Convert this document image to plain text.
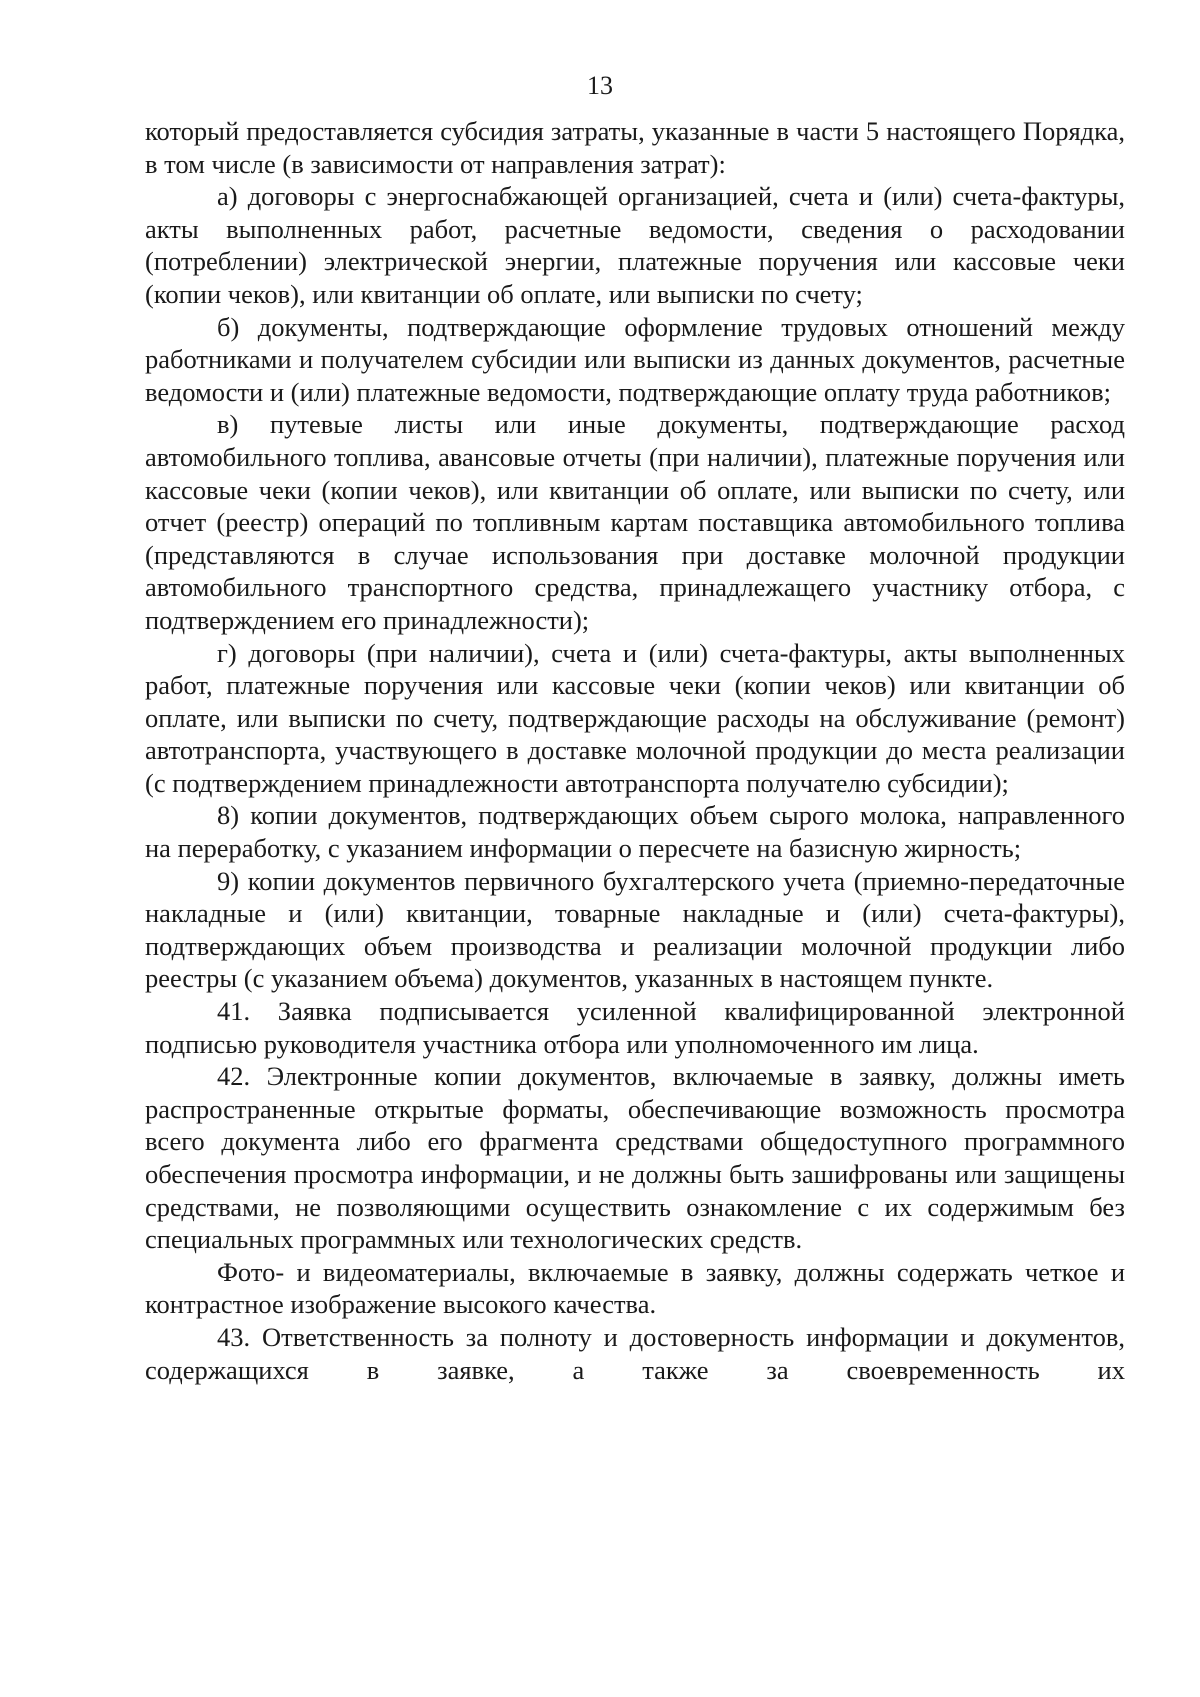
13

который предоставляется субсидия затраты, указанные в части 5 настоящего Порядка, в том числе (в зависимости от направления затрат):

а) договоры с энергоснабжающей организацией, счета и (или) счета-фактуры, акты выполненных работ, расчетные ведомости, сведения о расходовании (потреблении) электрической энергии, платежные поручения или кассовые чеки (копии чеков), или квитанции об оплате, или выписки по счету;

б) документы, подтверждающие оформление трудовых отношений между работниками и получателем субсидии или выписки из данных документов, расчетные ведомости и (или) платежные ведомости, подтверждающие оплату труда работников;

в) путевые листы или иные документы, подтверждающие расход автомобильного топлива, авансовые отчеты (при наличии), платежные поручения или кассовые чеки (копии чеков), или квитанции об оплате, или выписки по счету, или отчет (реестр) операций по топливным картам поставщика автомобильного топлива (представляются в случае использования при доставке молочной продукции автомобильного транспортного средства, принадлежащего участнику отбора, с подтверждением его принадлежности);

г) договоры (при наличии), счета и (или) счета-фактуры, акты выполненных работ, платежные поручения или кассовые чеки (копии чеков) или квитанции об оплате, или выписки по счету, подтверждающие расходы на обслуживание (ремонт) автотранспорта, участвующего в доставке молочной продукции до места реализации (с подтверждением принадлежности автотранспорта получателю субсидии);

8) копии документов, подтверждающих объем сырого молока, направленного на переработку, с указанием информации о пересчете на базисную жирность;

9) копии документов первичного бухгалтерского учета (приемно-передаточные накладные и (или) квитанции, товарные накладные и (или) счета-фактуры), подтверждающих объем производства и реализации молочной продукции либо реестры (с указанием объема) документов, указанных в настоящем пункте.

41. Заявка подписывается усиленной квалифицированной электронной подписью руководителя участника отбора или уполномоченного им лица.

42. Электронные копии документов, включаемые в заявку, должны иметь распространенные открытые форматы, обеспечивающие возможность просмотра всего документа либо его фрагмента средствами общедоступного программного обеспечения просмотра информации, и не должны быть зашифрованы или защищены средствами, не позволяющими осуществить ознакомление с их содержимым без специальных программных или технологических средств.

Фото- и видеоматериалы, включаемые в заявку, должны содержать четкое и контрастное изображение высокого качества.

43. Ответственность за полноту и достоверность информации и документов, содержащихся в заявке, а также за своевременность их
